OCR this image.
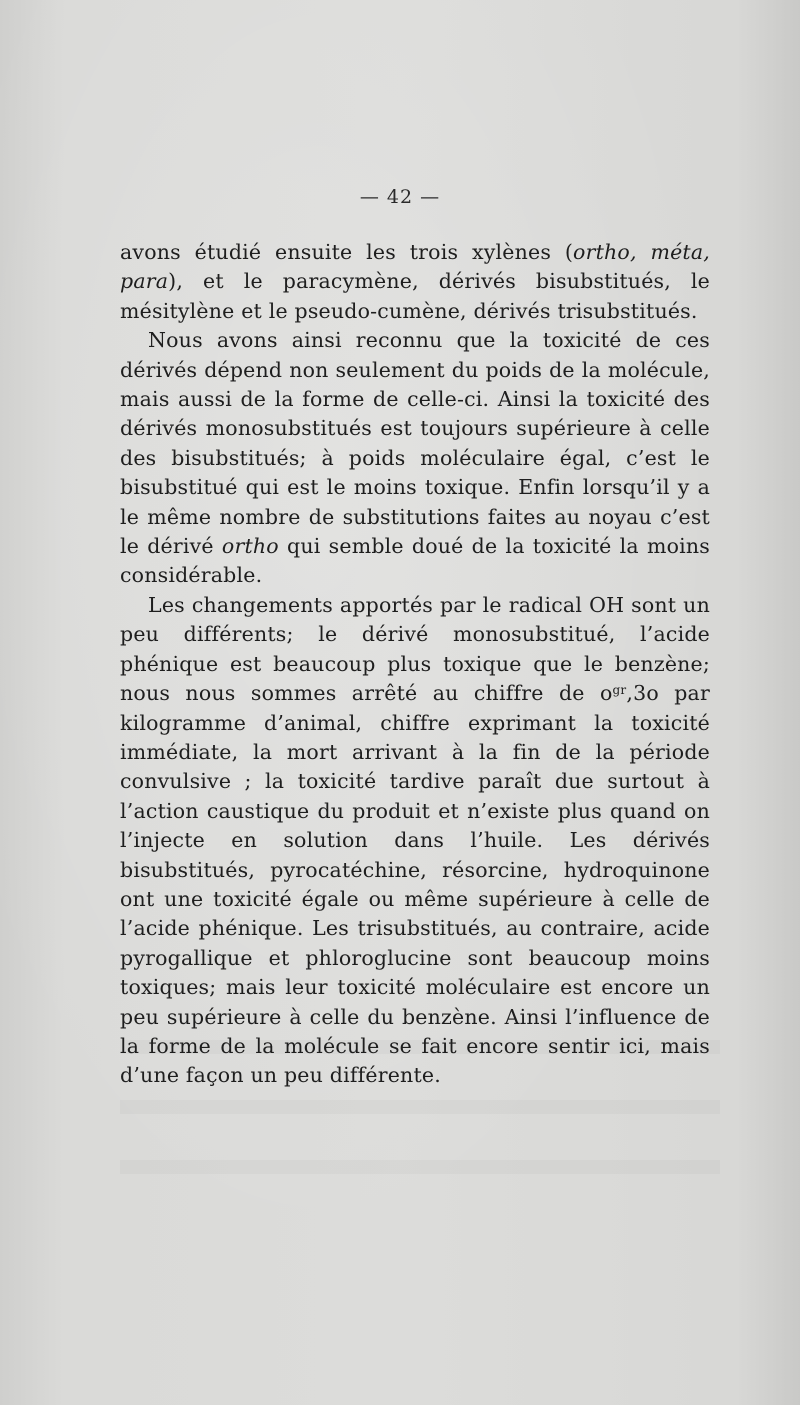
— 42 —

avons étudié ensuite les trois xylènes (ortho, méta, para), et le paracymène, dérivés bisubstitués, le mésitylène et le pseudo-cumène, dérivés trisubstitués.

Nous avons ainsi reconnu que la toxicité de ces dérivés dépend non seulement du poids de la molécule, mais aussi de la forme de celle-ci. Ainsi la toxicité des dérivés monosubstitués est toujours supérieure à celle des bisubstitués; à poids moléculaire égal, c’est le bisubstitué qui est le moins toxique. Enfin lorsqu’il y a le même nombre de substitutions faites au noyau c’est le dérivé ortho qui semble doué de la toxicité la moins considérable.

Les changements apportés par le radical OH sont un peu différents; le dérivé monosubstitué, l’acide phénique est beaucoup plus toxique que le benzène; nous nous sommes arrêté au chiffre de $o^{gr},3o$ par kilogramme d’animal, chiffre exprimant la toxicité immédiate, la mort arrivant à la fin de la période convulsive ; la toxicité tardive paraît due surtout à l’action caustique du produit et n’existe plus quand on l’injecte en solution dans l’huile. Les dérivés bisubstitués, pyrocatéchine, résorcine, hydroquinone ont une toxicité égale ou même supérieure à celle de l’acide phénique. Les trisubstitués, au contraire, acide pyrogallique et phloroglucine sont beaucoup moins toxiques; mais leur toxicité moléculaire est encore un peu supérieure à celle du benzène. Ainsi l’influence de la forme de la molécule se fait encore sentir ici, mais d’une façon un peu différente.
